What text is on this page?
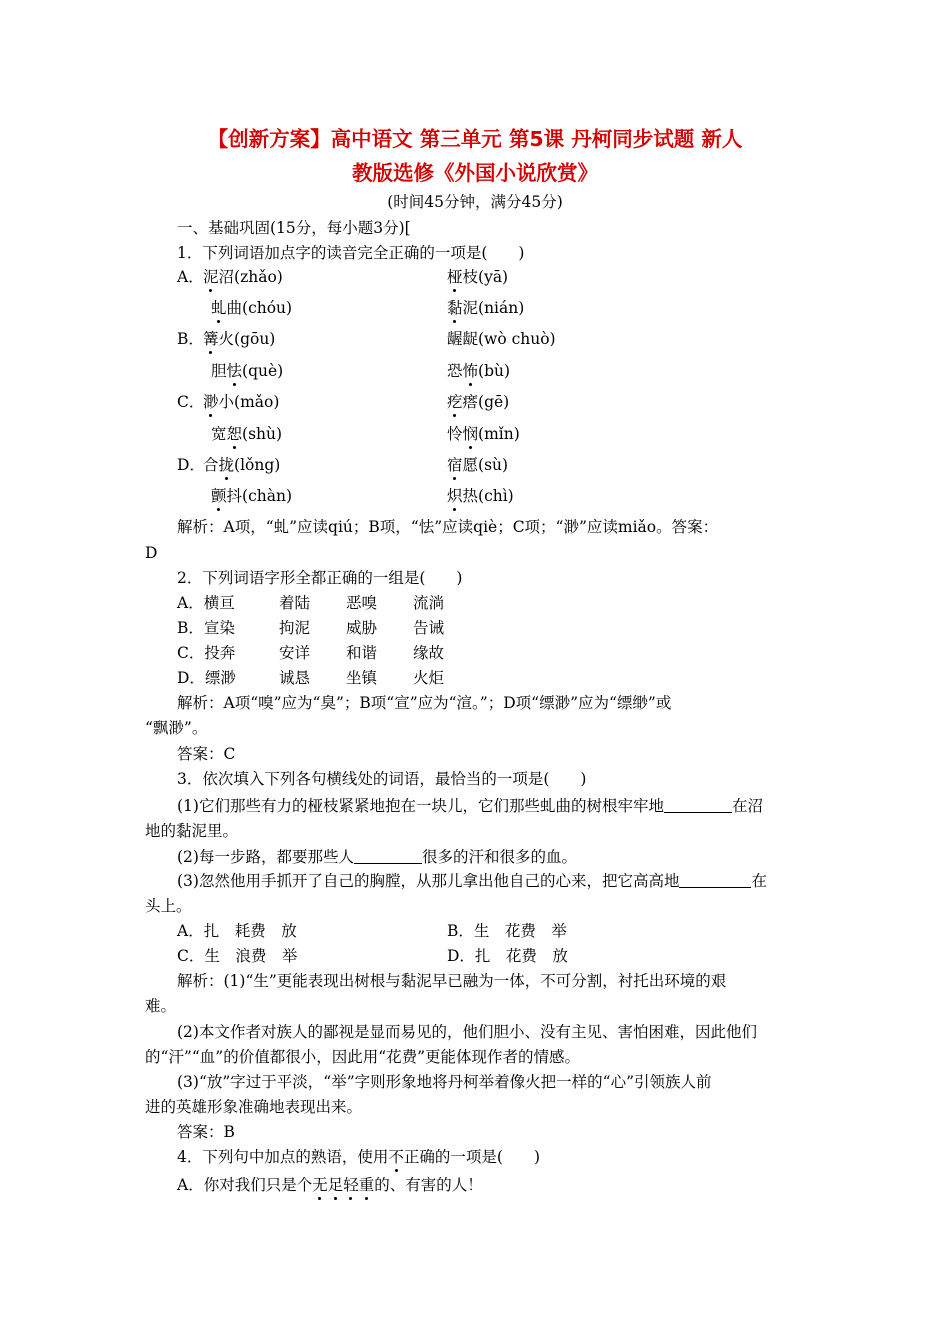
【创新方案】高中语文 第三单元 第5课 丹柯同步试题 新人
教版选修《外国小说欣赏》
(时间45分钟，满分45分)
一、基础巩固(15分，每小题3分)[
1．下列词语加点字的读音完全正确的一项是(　　)
A． 泥沼(zhǎo)	桠枝(yā)
虬曲(chóu)	黏泥(nián)
B． 篝火(gōu)	龌龊(wò chuò)
胆怯(què)	恐怖(bù)
C．
渺小(mǎo)	疙瘩(gē)
宽恕(shù)	怜悯(mǐn)
D．
合拢(lǒng)	宿愿(sù)
颤抖(chàn)	炽热(chì)
解析：A项，“虬”应读qiú；B项，“怯”应读qiè；C项；“渺”应读miǎo。答案：
D
2．下列词语字形全都正确的一组是(　　)
A．横亘	着陆 恶嗅 流淌
B．宣染	拘泥 威胁 告诫
C．投奔	安详 和谐 缘故
D．缥渺	诚恳 坐镇 火炬
解析：A项“嗅”应为“臭”；B项“宣”应为“渲。”；D项“缥渺”应为“缥缈”或
“飘渺”。
答案：C
3．依次填入下列各句横线处的词语，最恰当的一项是(　　)
(1)它们那些有力的桠枝紧紧地抱在一块儿，它们那些虬曲的树根牢牢地	在沼
地的黏泥里。
(2)每一步路，都要那些人	很多的汗和很多的血。
(3)忽然他用手抓开了自己的胸膛，从那儿拿出他自己的心来，把它高高地	在
头上。
A．扎　耗费　放	B．生　花费　举
C．生　浪费　举	D．扎　花费　放
解析：(1)“生”更能表现出树根与黏泥早已融为一体，不可分割，衬托出环境的艰
难。
(2)本文作者对族人的鄙视是显而易见的，他们胆小、没有主见、害怕困难，因此他们
的“汗”“血”的价值都很小，因此用“花费”更能体现作者的情感。
(3)“放”字过于平淡，“举”字则形象地将丹柯举着像火把一样的“心”引领族人前
进的英雄形象准确地表现出来。
答案：B
4．下列句中加点的熟语，使用不正确的一项是(　　)
A．你对我们只是个无足轻重的、有害的人！
